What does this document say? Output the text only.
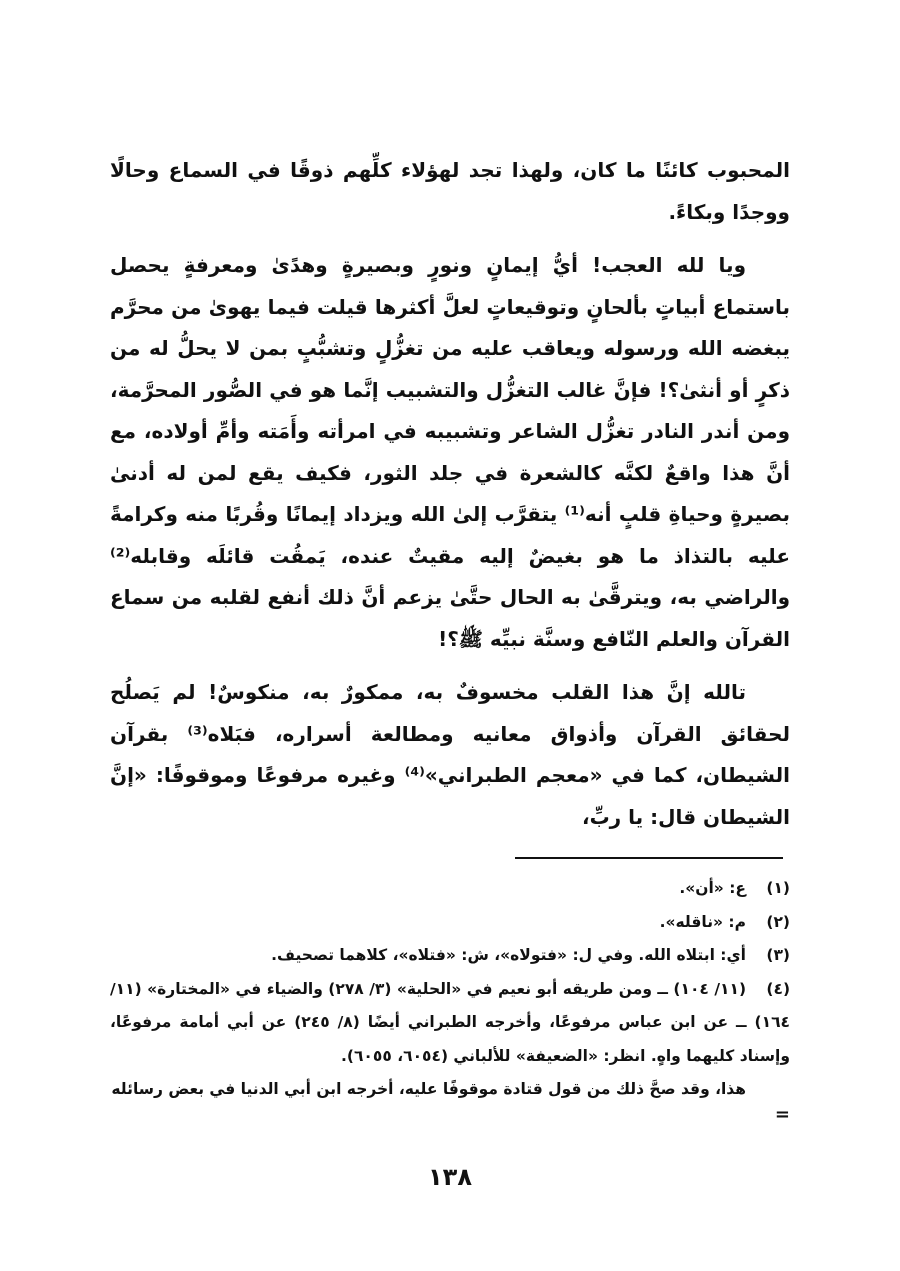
المحبوب كائنًا ما كان، ولهذا تجد لهؤلاء كلِّهم ذوقًا في السماع وحالًا ووجدًا وبكاءً.

ويا لله العجب! أيُّ إيمانٍ ونورٍ وبصيرةٍ وهدًىٰ ومعرفةٍ يحصل باستماع أبياتٍ بألحانٍ وتوقيعاتٍ لعلَّ أكثرها قيلت فيما يهوىٰ من محرَّم يبغضه الله ورسوله ويعاقب عليه من تغزُّلٍ وتشبُّبٍ بمن لا يحلُّ له من ذكرٍ أو أنثىٰ؟! فإنَّ غالب التغزُّل والتشبيب إنَّما هو في الصُّور المحرَّمة، ومن أندر النادر تغزُّل الشاعر وتشبيبه في امرأته وأَمَته وأمِّ أولاده، مع أنَّ هذا واقعٌ لكنَّه كالشعرة في جلد الثور، فكيف يقع لمن له أدنىٰ بصيرةٍ وحياةِ قلبٍ أنه⁽¹⁾ يتقرَّب إلىٰ الله ويزداد إيمانًا وقُربًا منه وكرامةً عليه بالتذاذ ما هو بغيضٌ إليه مقيتٌ عنده، يَمقُت قائلَه وقابله⁽²⁾ والراضي به، ويترقَّىٰ به الحال حتَّىٰ يزعم أنَّ ذلك أنفع لقلبه من سماع القرآن والعلم النّافع وسنَّة نبيِّه ﷺ؟!

تالله إنَّ هذا القلب مخسوفٌ به، ممكورٌ به، منكوسٌ! لم يَصلُح لحقائق القرآن وأذواق معانيه ومطالعة أسراره، فبَلاه⁽³⁾ بقرآن الشيطان، كما في «معجم الطبراني»⁽⁴⁾ وغيره مرفوعًا وموقوفًا: «إنَّ الشيطان قال: يا ربِّ،

(١)ع: «أن».

(٢)م: «ناقله».

(٣)أي: ابتلاه الله. وفي ل: «فتولاه»، ش: «فتلاه»، كلاهما تصحيف.

(٤)(١١/ ١٠٤) ــ ومن طريقه أبو نعيم في «الحلية» (٣/ ٢٧٨) والضياء في «المختارة» (١١/ ١٦٤) ــ عن ابن عباس مرفوعًا، وأخرجه الطبراني أيضًا (٨/ ٢٤٥) عن أبي أمامة مرفوعًا، وإسناد كليهما واهٍ. انظر: «الضعيفة» للألباني (٦٠٥٤، ٦٠٥٥).

هذا، وقد صحَّ ذلك من قول قتادة موقوفًا عليه، أخرجه ابن أبي الدنيا في بعض رسائله

=

١٣٨
